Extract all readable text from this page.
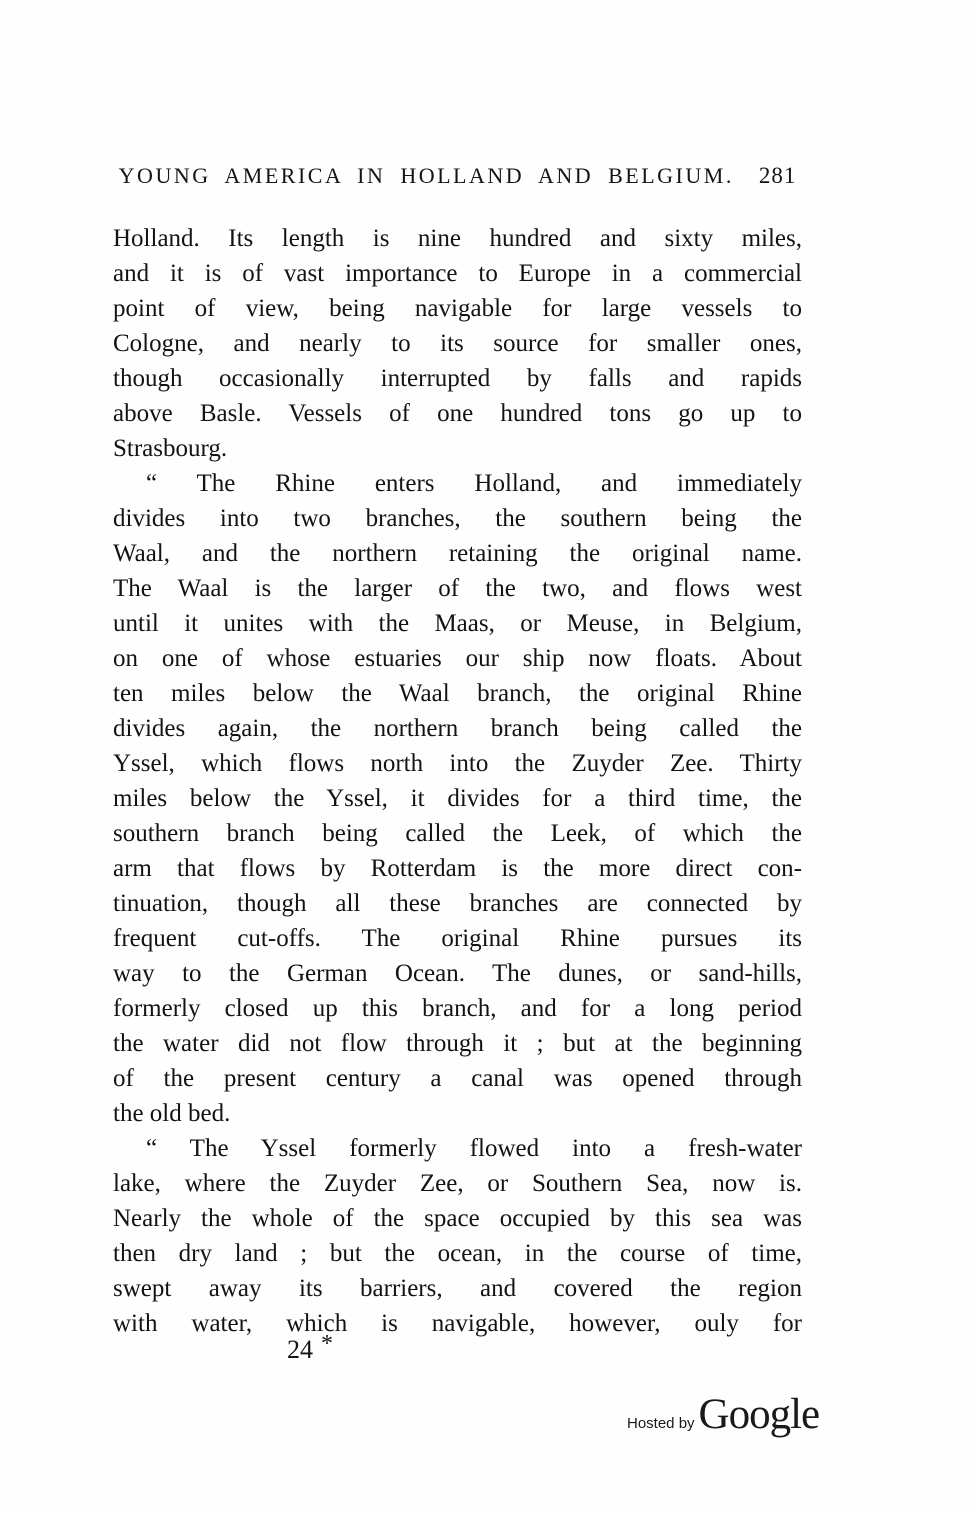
YOUNG AMERICA IN HOLLAND AND BELGIUM. 281
Holland. Its length is nine hundred and sixty miles,
and it is of vast importance to Europe in a commercial
point of view, being navigable for large vessels to
Cologne, and nearly to its source for smaller ones,
though occasionally interrupted by falls and rapids
above Basle. Vessels of one hundred tons go up to
Strasbourg.
“ The Rhine enters Holland, and immediately
divides into two branches, the southern being the
Waal, and the northern retaining the original name.
The Waal is the larger of the two, and flows west
until it unites with the Maas, or Meuse, in Belgium,
on one of whose estuaries our ship now floats. About
ten miles below the Waal branch, the original Rhine
divides again, the northern branch being called the
Yssel, which flows north into the Zuyder Zee. Thirty
miles below the Yssel, it divides for a third time, the
southern branch being called the Leek, of which the
arm that flows by Rotterdam is the more direct con-
tinuation, though all these branches are connected by
frequent cut-offs. The original Rhine pursues its
way to the German Ocean. The dunes, or sand-hills,
formerly closed up this branch, and for a long period
the water did not flow through it ; but at the beginning
of the present century a canal was opened through
the old bed.
“ The Yssel formerly flowed into a fresh-water
lake, where the Zuyder Zee, or Southern Sea, now is.
Nearly the whole of the space occupied by this sea was
then dry land ; but the ocean, in the course of time,
swept away its barriers, and covered the region
with water, which is navigable, however, ouly for
24 *
Hosted by Google
